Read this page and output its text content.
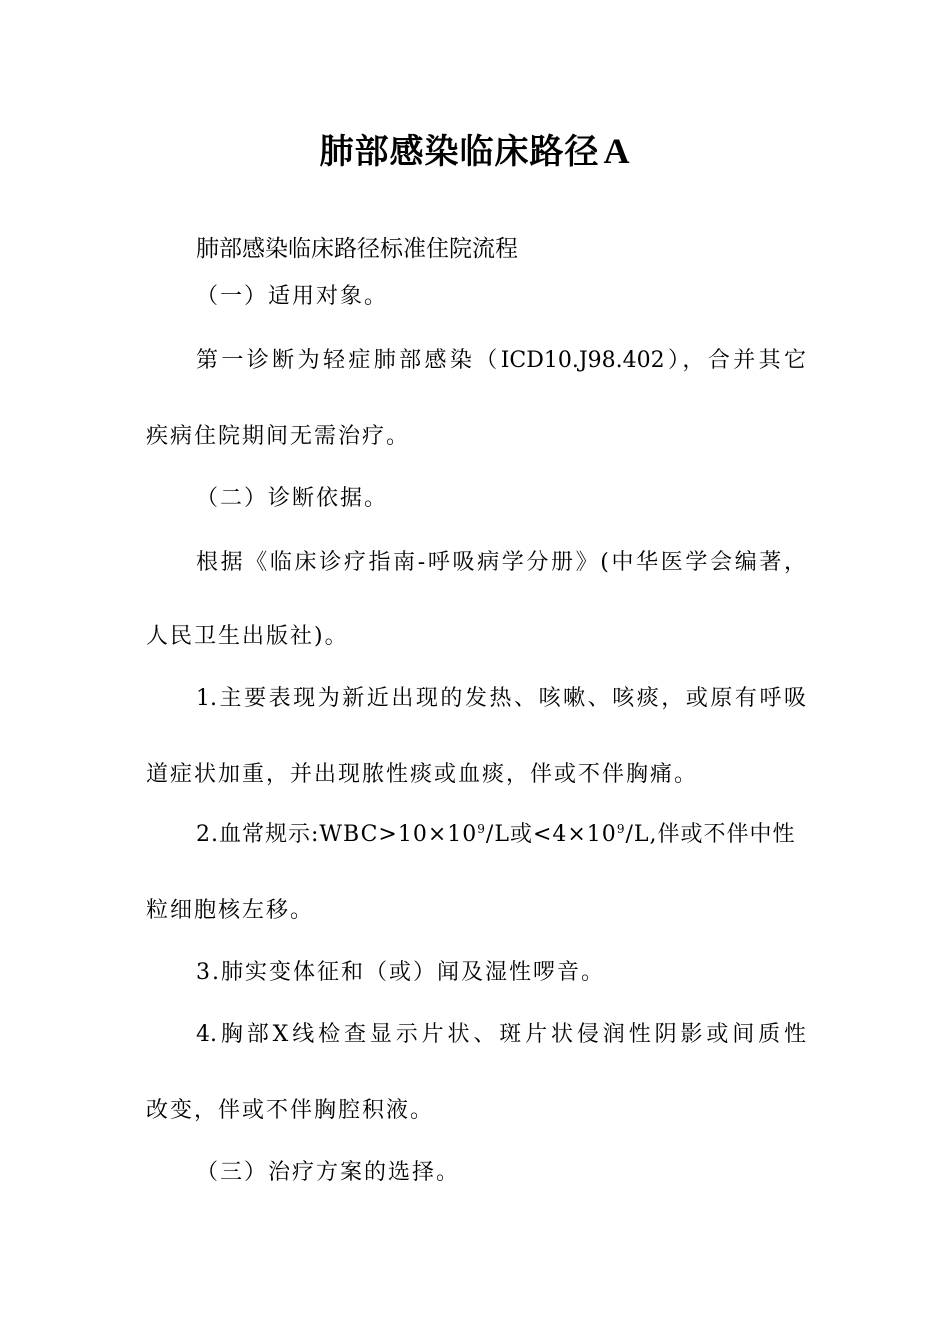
肺部感染临床路径 A
肺部感染临床路径标准住院流程
（一）适用对象。
第一诊断为轻症肺部感染（ICD10.J98.402），合并其它
疾病住院期间无需治疗。
（二）诊断依据。
根据《临床诊疗指南-呼吸病学分册》(中华医学会编著，
人民卫生出版社)。
1.主要表现为新近出现的发热、咳嗽、咳痰，或原有呼吸
道症状加重，并出现脓性痰或血痰，伴或不伴胸痛。
2.血常规示$:WBC>10\times 10^9/L$或$<4\times 10^9/L$,伴或不伴中性
粒细胞核左移。
3.肺实变体征和（或）闻及湿性啰音。
4.胸部X线检查显示片状、斑片状侵润性阴影或间质性
改变，伴或不伴胸腔积液。
（三）治疗方案的选择。
